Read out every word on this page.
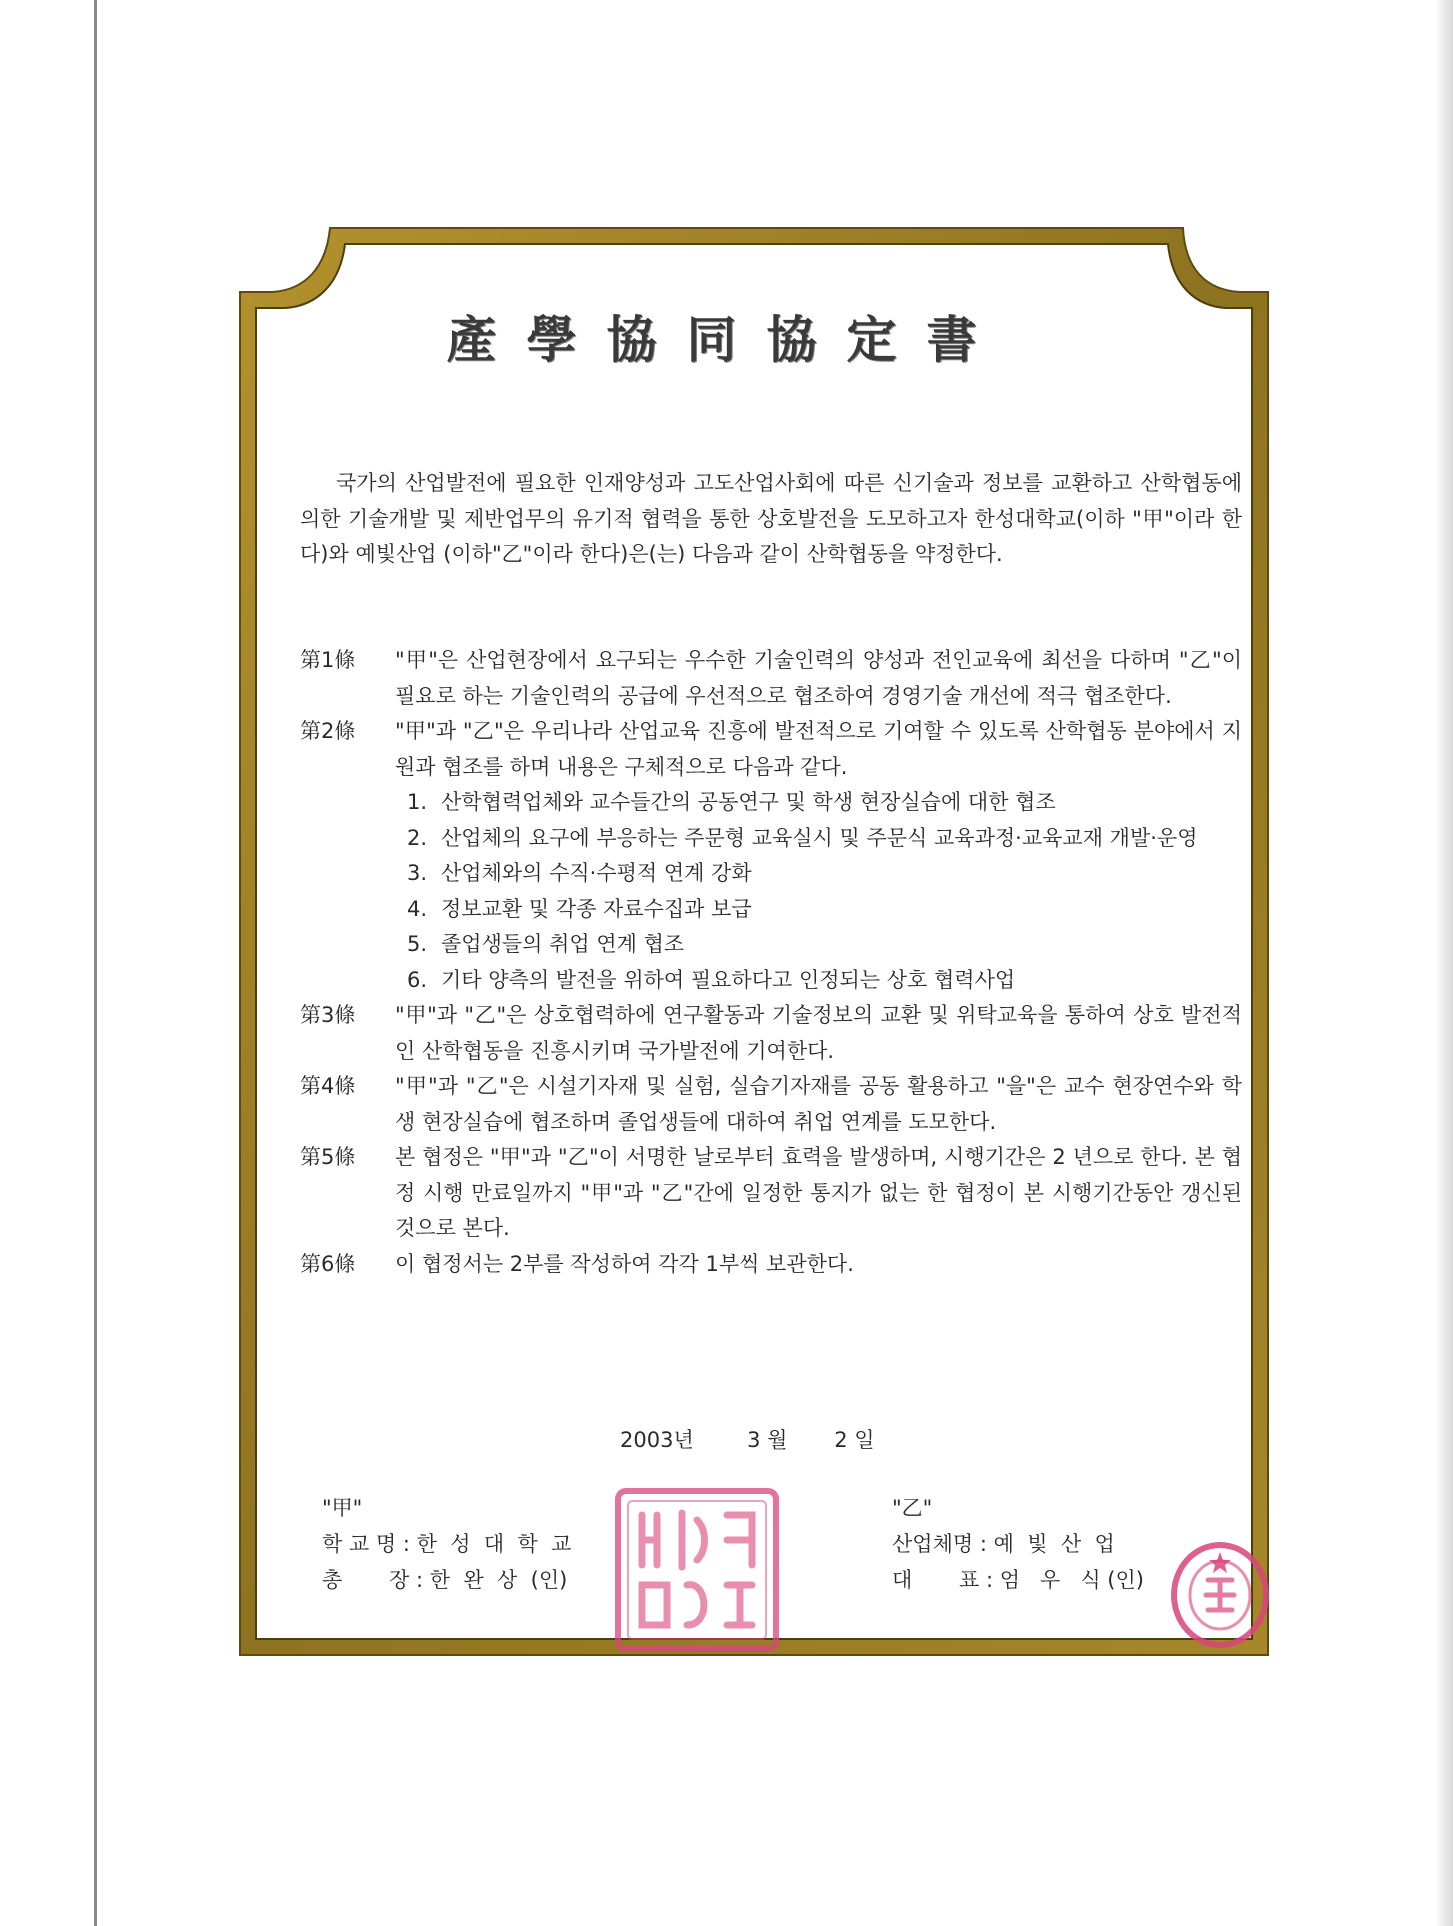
產學協同協定書
국가의 산업발전에 필요한 인재양성과 고도산업사회에 따른 신기술과 정보를 교환하고 산학협동에 의한 기술개발 및 제반업무의 유기적 협력을 통한 상호발전을 도모하고자 한성대학교(이하 "甲"이라 한다)와 예빛산업 (이하"乙"이라 한다)은(는) 다음과 같이 산학협동을 약정한다.
第1條	"甲"은 산업현장에서 요구되는 우수한 기술인력의 양성과 전인교육에 최선을 다하며 "乙"이 필요로 하는 기술인력의 공급에 우선적으로 협조하여 경영기술 개선에 적극 협조한다.
第2條	"甲"과 "乙"은 우리나라 산업교육 진흥에 발전적으로 기여할 수 있도록 산학협동 분야에서 지원과 협조를 하며 내용은 구체적으로 다음과 같다.
1. 산학협력업체와 교수들간의 공동연구 및 학생 현장실습에 대한 협조
2. 산업체의 요구에 부응하는 주문형 교육실시 및 주문식 교육과정·교육교재 개발·운영
3. 산업체와의 수직·수평적 연계 강화
4. 정보교환 및 각종 자료수집과 보급
5. 졸업생들의 취업 연계 협조
6. 기타 양측의 발전을 위하여 필요하다고 인정되는 상호 협력사업
第3條	"甲"과 "乙"은 상호협력하에 연구활동과 기술정보의 교환 및 위탁교육을 통하여 상호 발전적인 산학협동을 진흥시키며 국가발전에 기여한다.
第4條	"甲"과 "乙"은 시설기자재 및 실험, 실습기자재를 공동 활용하고 "을"은 교수 현장연수와 학생 현장실습에 협조하며 졸업생들에 대하여 취업 연계를 도모한다.
第5條	본 협정은 "甲"과 "乙"이 서명한 날로부터 효력을 발생하며, 시행기간은 2 년으로 한다. 본 협정 시행 만료일까지 "甲"과 "乙"간에 일정한 통지가 없는 한 협정이 본 시행기간동안 갱신된 것으로 본다.
第6條	이 협정서는 2부를 작성하여 각각 1부씩 보관한다.
2003년	3 월 2 일
"甲"
학 교 명 : 한  성  대  학  교
총       장 : 한  완  상  (인)
"乙"
산업체명 : 예  빛  산  업
대       표 : 엄   우   식 (인)
